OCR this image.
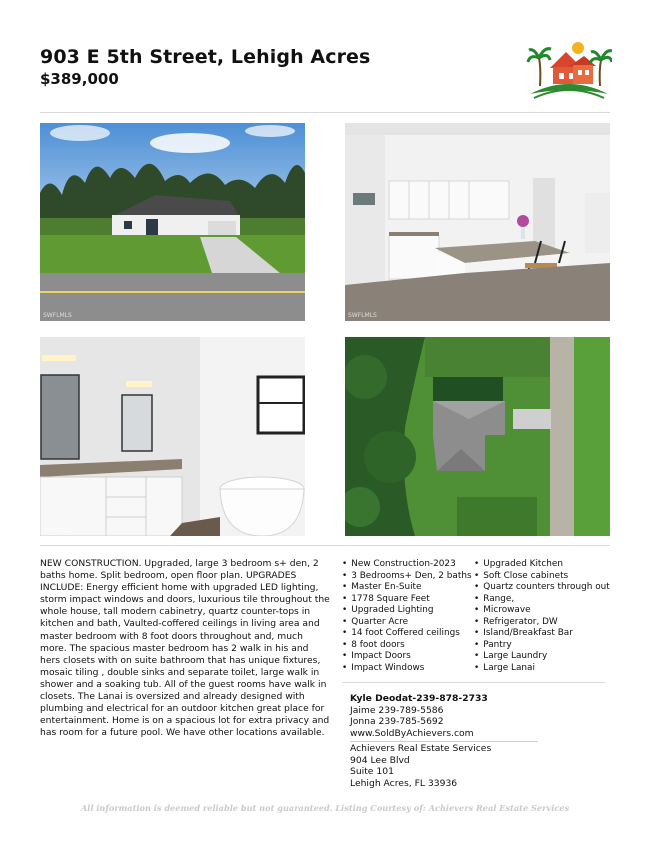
903 E 5th Street, Lehigh Acres
$389,000
SWFLMLS	SWFLMLS
SWFLMLS
NEW CONSTRUCTION. Upgraded, large 3 bedroom s+ den, 2 baths home. Split bedroom, open floor plan. UPGRADES INCLUDE: Energy efficient home with upgraded LED lighting, storm impact windows and doors, luxurious tile throughout the whole house, tall modern cabinetry, quartz counter-tops in kitchen and bath, Vaulted-coffered ceilings in living area and master bedroom with 8 foot doors throughout and, much more. The spacious master bedroom has 2 walk in his and hers closets with on suite bathroom that has unique fixtures, mosaic tiling , double sinks and separate toilet, large walk in shower and a soaking tub. All of the guest rooms have walk in closets. The Lanai is oversized and already designed with plumbing and electrical for an outdoor kitchen great place for entertainment. Home is on a spacious lot for extra privacy and has room for a future pool. We have other locations available.
• New Construction-2023
• 3 Bedrooms+ Den, 2 baths
• Master En-Suite
• 1778 Square Feet
• Upgraded Lighting
• Quarter Acre
• 14 foot Coffered ceilings
• 8 foot doors
• Impact Doors
• Impact Windows
• Upgraded Kitchen
• Soft Close cabinets
• Quartz counters through out
• Range,
• Microwave
• Refrigerator, DW
• Island/Breakfast Bar
• Pantry
• Large Laundry
• Large Lanai
Kyle Deodat-239-878-2733
Jaime 239-789-5586
Jonna 239-785-5692
www.SoldByAchievers.com
Achievers Real Estate Services
904 Lee Blvd
Suite 101
Lehigh Acres, FL 33936
All information is deemed reliable but not guaranteed. Listing Courtesy of: Achievers Real Estate Services
